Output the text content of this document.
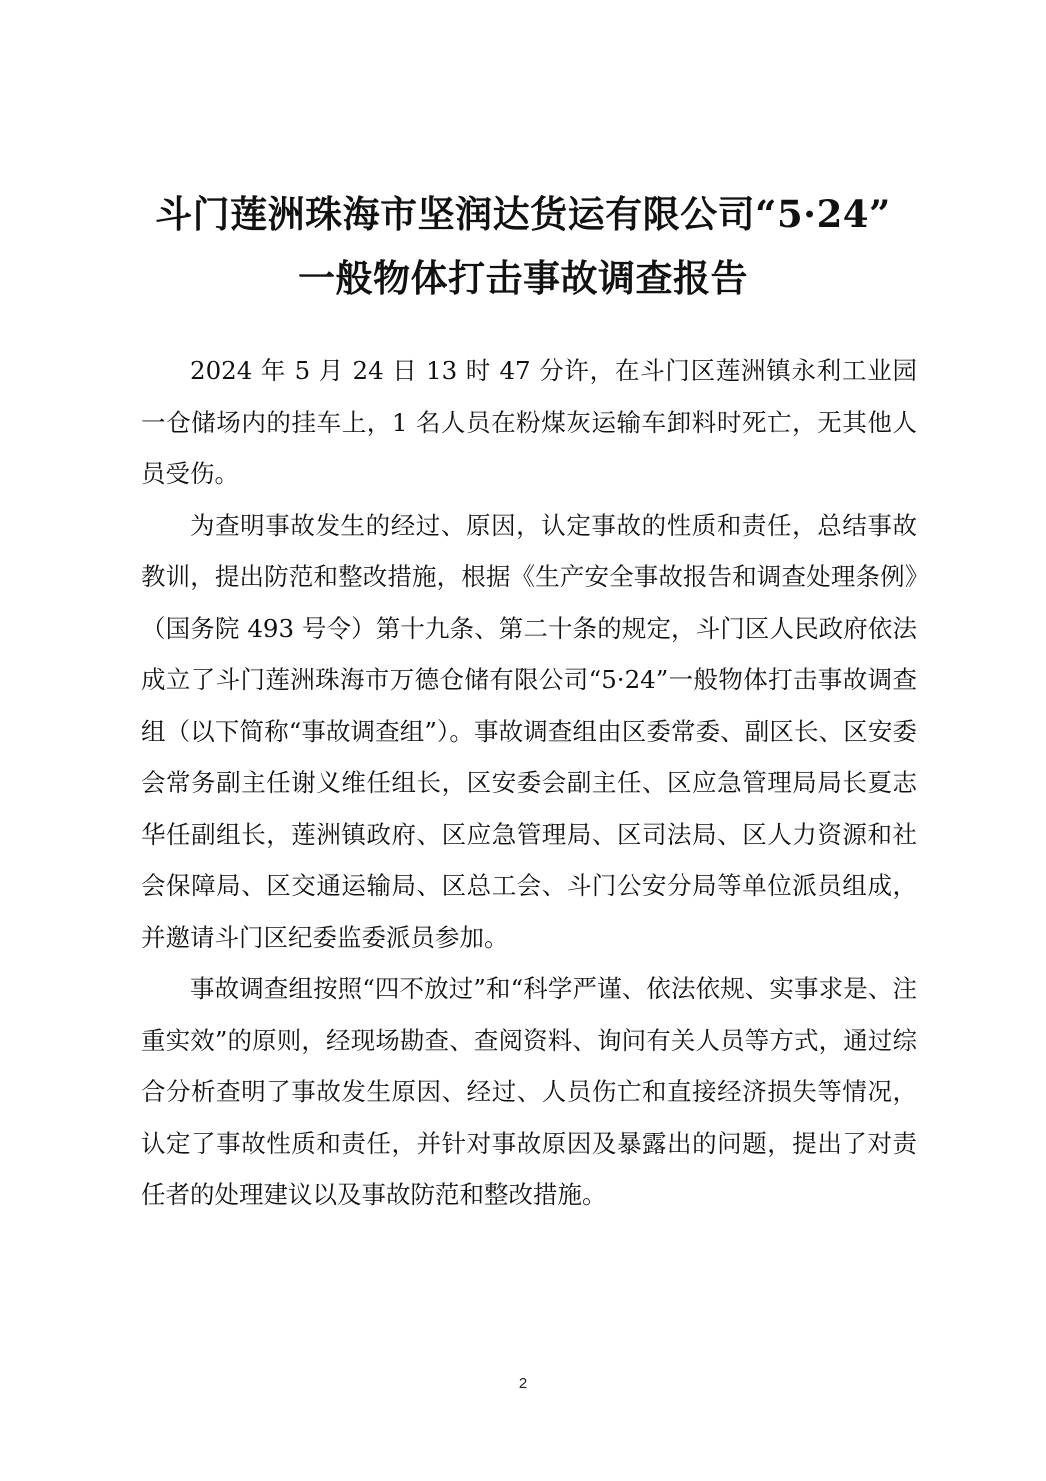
斗门莲洲珠海市坚润达货运有限公司“5·24”
一般物体打击事故调查报告

2024 年 5 月 24 日 13 时 47 分许，在斗门区莲洲镇永利工业园一仓储场内的挂车上，1 名人员在粉煤灰运输车卸料时死亡，无其他人员受伤。

为查明事故发生的经过、原因，认定事故的性质和责任，总结事故教训，提出防范和整改措施，根据《生产安全事故报告和调查处理条例》（国务院 493 号令）第十九条、第二十条的规定，斗门区人民政府依法成立了斗门莲洲珠海市万德仓储有限公司“5·24”一般物体打击事故调查组（以下简称“事故调查组”）。事故调查组由区委常委、副区长、区安委会常务副主任谢义维任组长，区安委会副主任、区应急管理局局长夏志华任副组长，莲洲镇政府、区应急管理局、区司法局、区人力资源和社会保障局、区交通运输局、区总工会、斗门公安分局等单位派员组成，并邀请斗门区纪委监委派员参加。

事故调查组按照“四不放过”和“科学严谨、依法依规、实事求是、注重实效”的原则，经现场勘查、查阅资料、询问有关人员等方式，通过综合分析查明了事故发生原因、经过、人员伤亡和直接经济损失等情况，认定了事故性质和责任，并针对事故原因及暴露出的问题，提出了对责任者的处理建议以及事故防范和整改措施。

2
